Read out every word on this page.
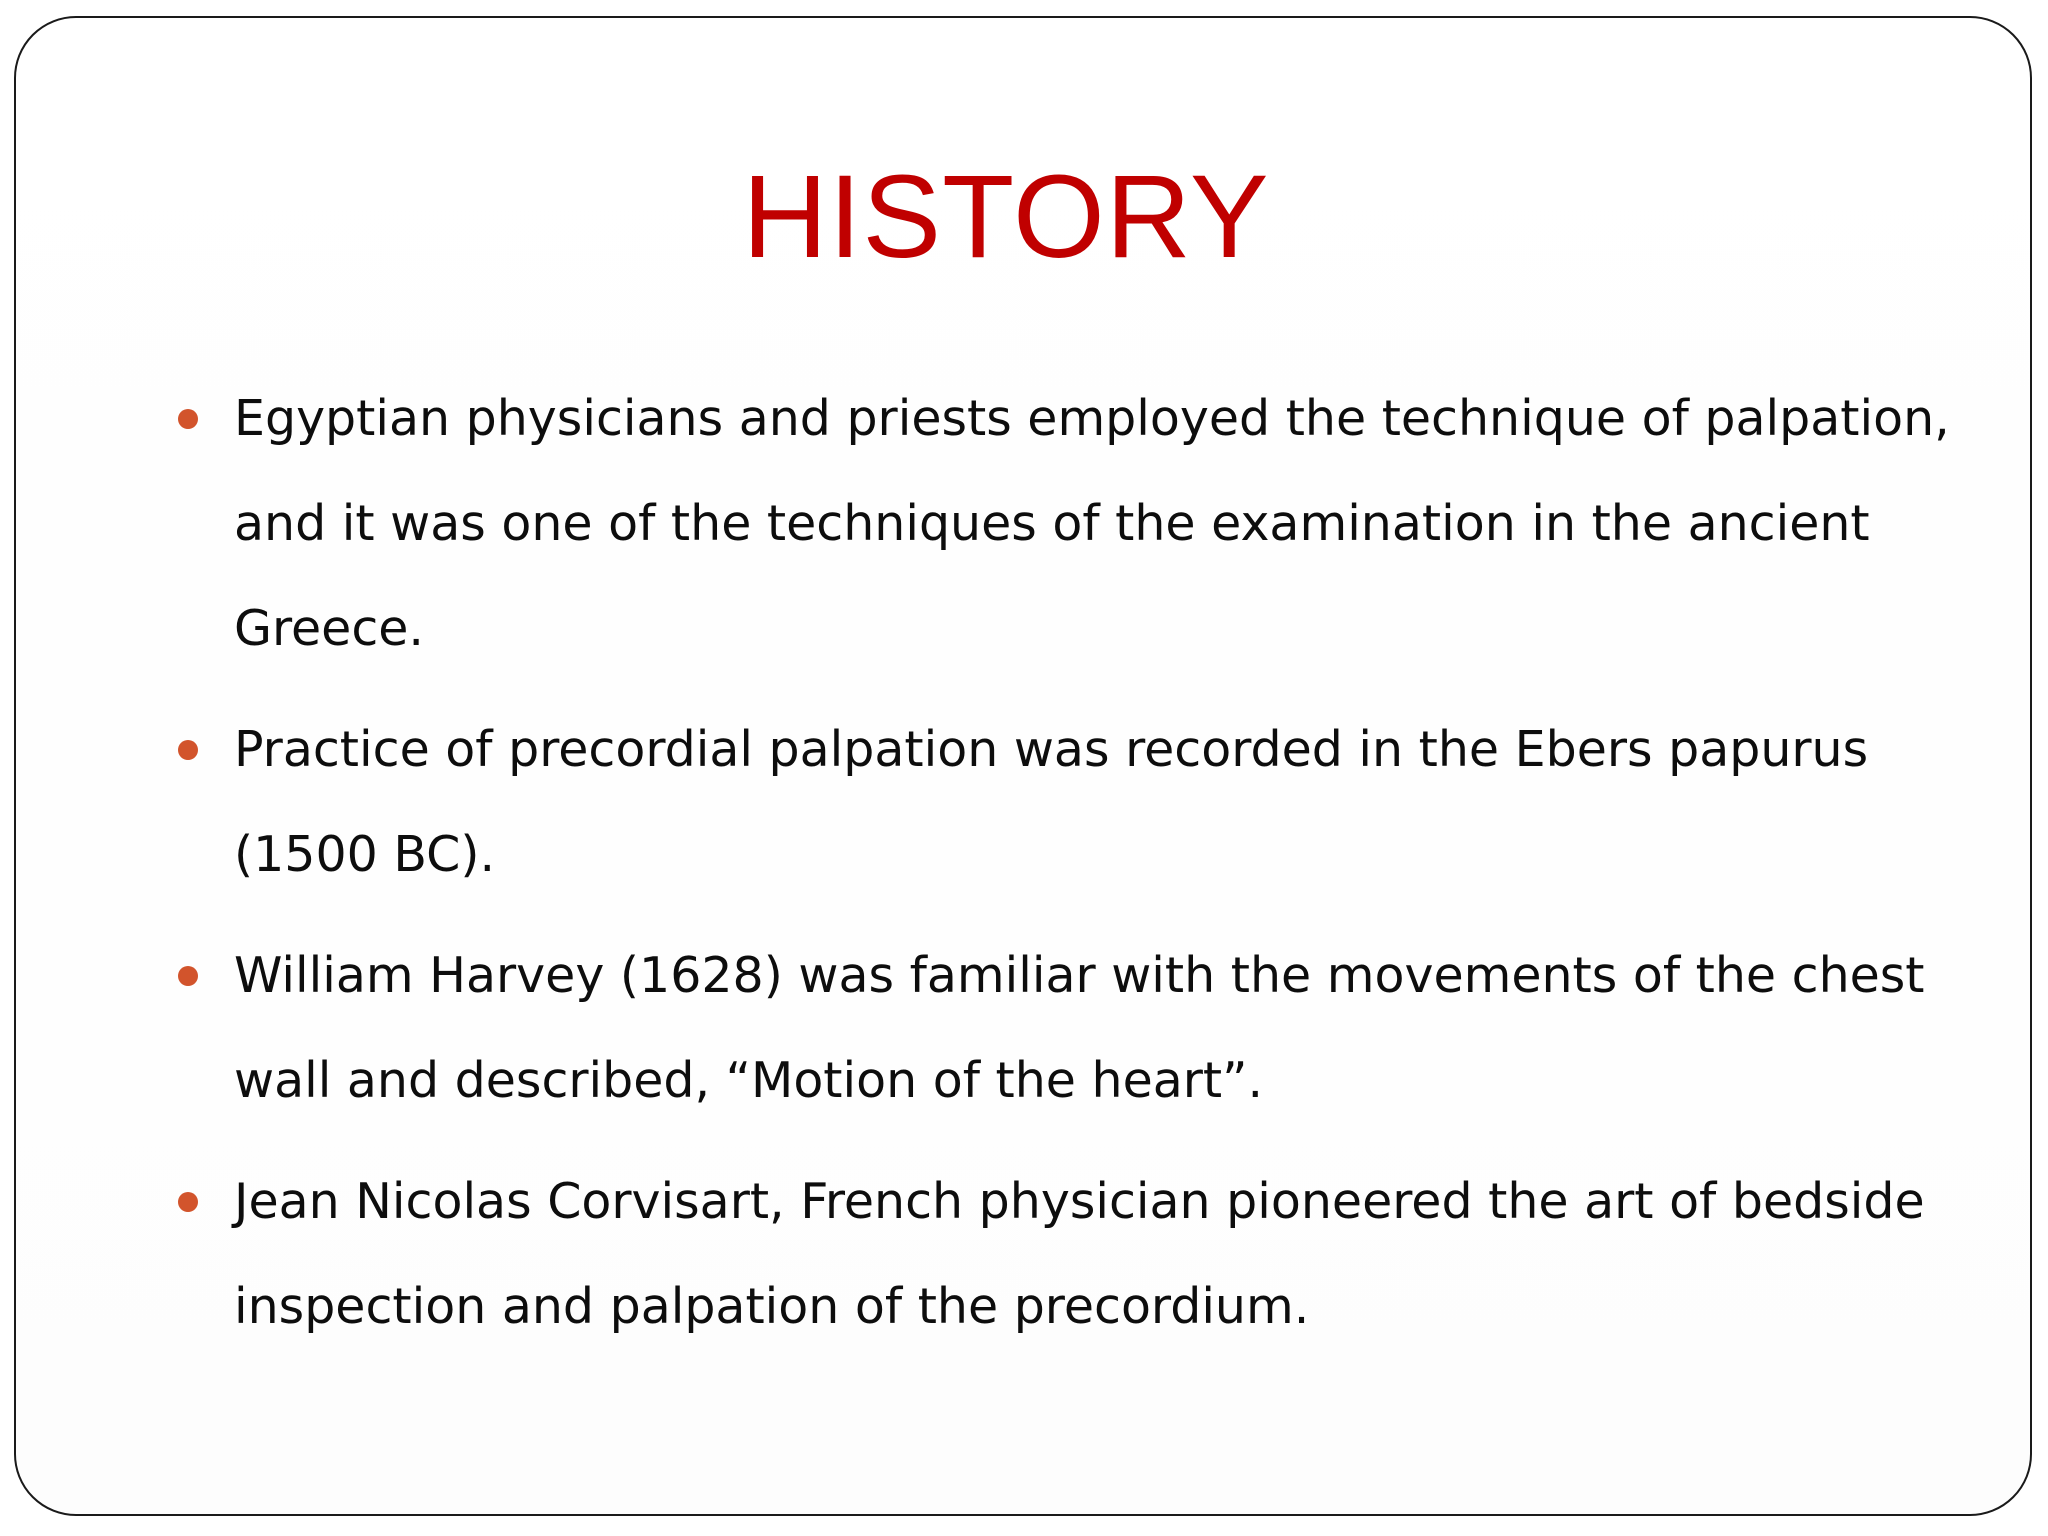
HISTORY
Egyptian physicians and priests employed the technique of palpation, and it was one of the techniques of the examination in the ancient Greece.
Practice of precordial palpation was recorded in the Ebers papurus (1500 BC).
William Harvey (1628) was familiar with the movements of the chest wall and described, “Motion of the heart”.
Jean Nicolas Corvisart, French physician pioneered the art of bedside inspection and palpation of the precordium.
